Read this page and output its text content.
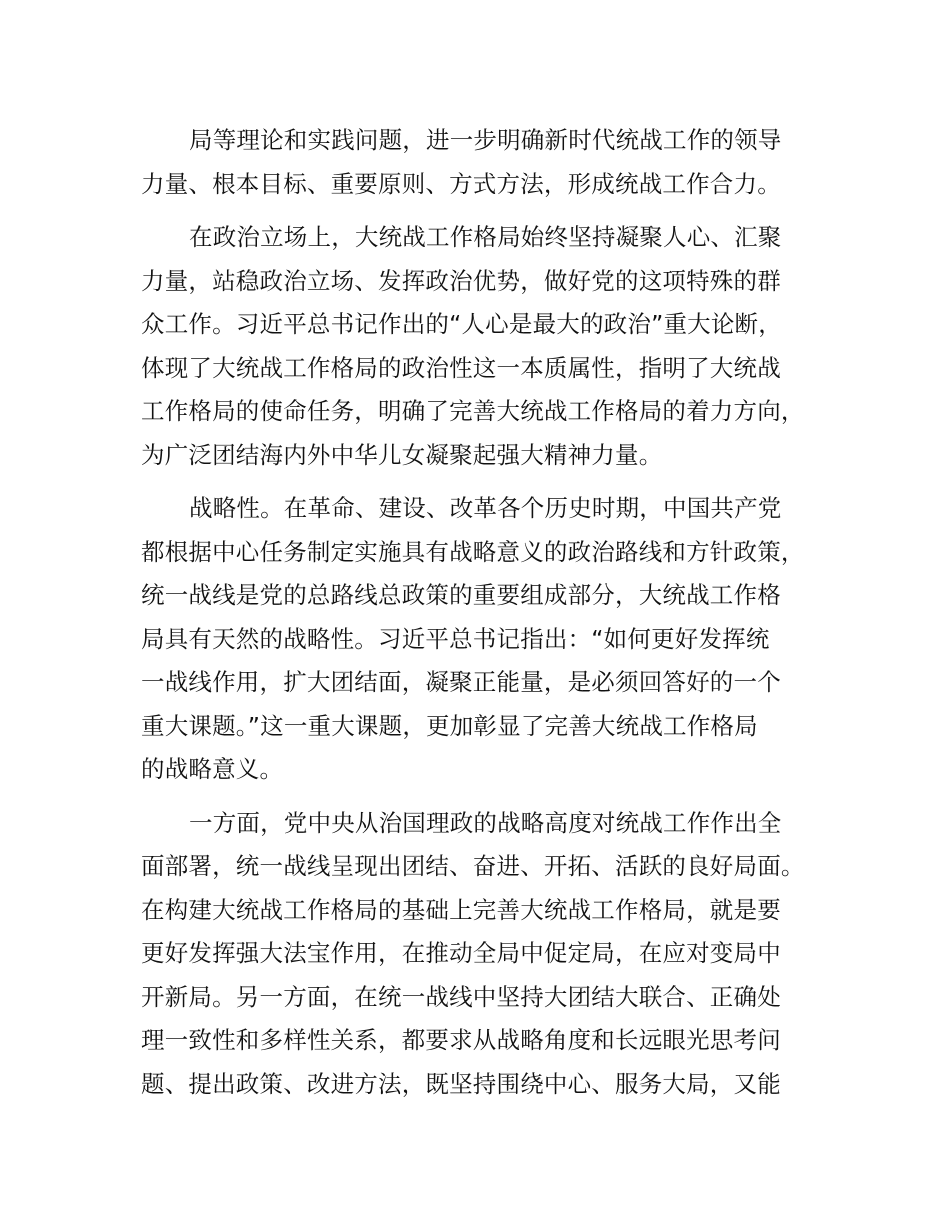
局等理论和实践问题，进一步明确新时代统战工作的领导
力量、根本目标、重要原则、方式方法，形成统战工作合力。
在政治立场上，大统战工作格局始终坚持凝聚人心、汇聚
力量，站稳政治立场、发挥政治优势，做好党的这项特殊的群
众工作。习近平总书记作出的“人心是最大的政治”重大论断，
体现了大统战工作格局的政治性这一本质属性，指明了大统战
工作格局的使命任务，明确了完善大统战工作格局的着力方向，
为广泛团结海内外中华儿女凝聚起强大精神力量。
战略性。在革命、建设、改革各个历史时期，中国共产党
都根据中心任务制定实施具有战略意义的政治路线和方针政策，
统一战线是党的总路线总政策的重要组成部分，大统战工作格
局具有天然的战略性。习近平总书记指出：“如何更好发挥统
一战线作用，扩大团结面，凝聚正能量，是必须回答好的一个
重大课题。”这一重大课题，更加彰显了完善大统战工作格局
的战略意义。
一方面，党中央从治国理政的战略高度对统战工作作出全
面部署，统一战线呈现出团结、奋进、开拓、活跃的良好局面。
在构建大统战工作格局的基础上完善大统战工作格局，就是要
更好发挥强大法宝作用，在推动全局中促定局，在应对变局中
开新局。另一方面，在统一战线中坚持大团结大联合、正确处
理一致性和多样性关系，都要求从战略角度和长远眼光思考问
题、提出政策、改进方法，既坚持围绕中心、服务大局，又能
